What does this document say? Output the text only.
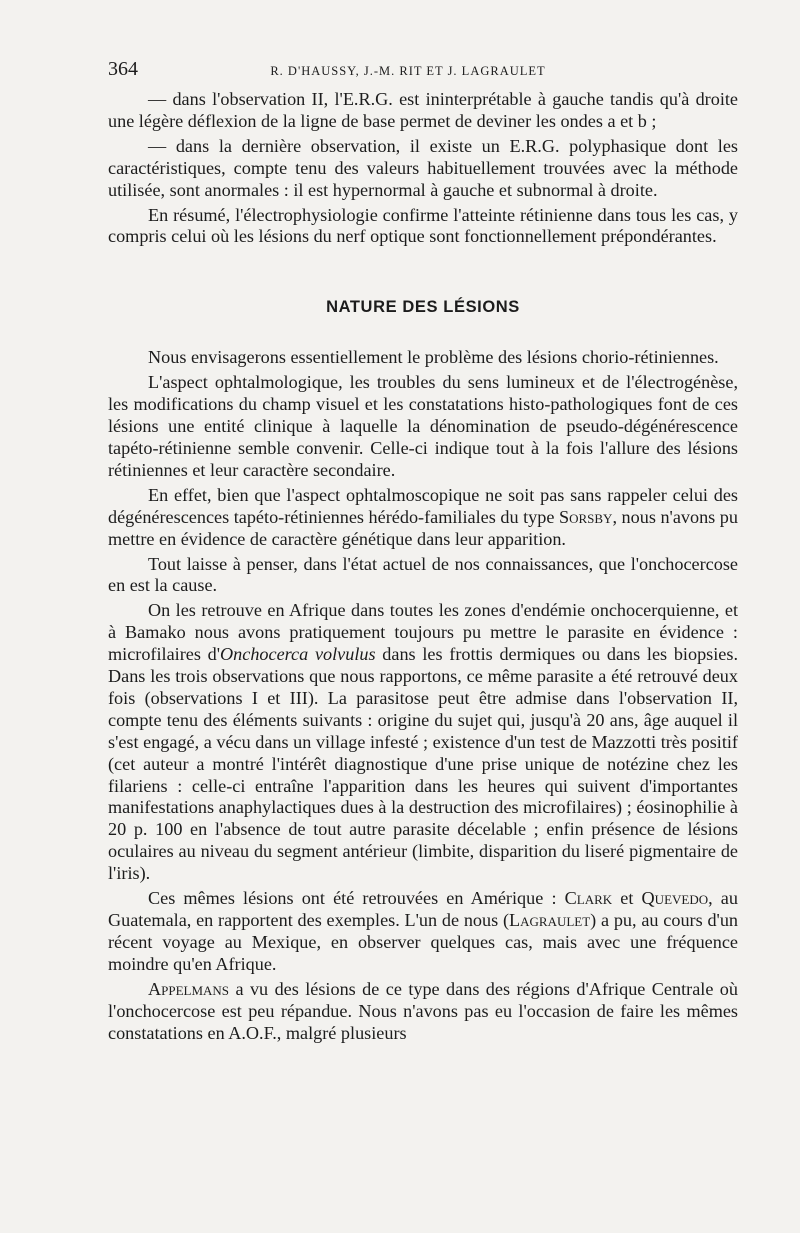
364	R. D'HAUSSY, J.-M. RIT ET J. LAGRAULET

— dans l'observation II, l'E.R.G. est ininterprétable à gauche tandis qu'à droite une légère déflexion de la ligne de base permet de deviner les ondes a et b ;

— dans la dernière observation, il existe un E.R.G. polyphasique dont les caractéristiques, compte tenu des valeurs habituellement trouvées avec la méthode utilisée, sont anormales : il est hypernormal à gauche et subnormal à droite.

En résumé, l'électrophysiologie confirme l'atteinte rétinienne dans tous les cas, y compris celui où les lésions du nerf optique sont fonctionnellement prépondérantes.

NATURE DES LÉSIONS

Nous envisagerons essentiellement le problème des lésions chorio-rétiniennes.

L'aspect ophtalmologique, les troubles du sens lumineux et de l'électrogénèse, les modifications du champ visuel et les constatations histo-pathologiques font de ces lésions une entité clinique à laquelle la dénomination de pseudo-dégénérescence tapéto-rétinienne semble convenir. Celle-ci indique tout à la fois l'allure des lésions rétiniennes et leur caractère secondaire.

En effet, bien que l'aspect ophtalmoscopique ne soit pas sans rappeler celui des dégénérescences tapéto-rétiniennes hérédo-familiales du type Sorsby, nous n'avons pu mettre en évidence de caractère génétique dans leur apparition.

Tout laisse à penser, dans l'état actuel de nos connaissances, que l'onchocercose en est la cause.

On les retrouve en Afrique dans toutes les zones d'endémie onchocerquienne, et à Bamako nous avons pratiquement toujours pu mettre le parasite en évidence : microfilaires d'Onchocerca volvulus dans les frottis dermiques ou dans les biopsies. Dans les trois observations que nous rapportons, ce même parasite a été retrouvé deux fois (observations I et III). La parasitose peut être admise dans l'observation II, compte tenu des éléments suivants : origine du sujet qui, jusqu'à 20 ans, âge auquel il s'est engagé, a vécu dans un village infesté ; existence d'un test de Mazzotti très positif (cet auteur a montré l'intérêt diagnostique d'une prise unique de notézine chez les filariens : celle-ci entraîne l'apparition dans les heures qui suivent d'importantes manifestations anaphylactiques dues à la destruction des microfilaires) ; éosinophilie à 20 p. 100 en l'absence de tout autre parasite décelable ; enfin présence de lésions oculaires au niveau du segment antérieur (limbite, disparition du liseré pigmentaire de l'iris).

Ces mêmes lésions ont été retrouvées en Amérique : Clark et Quevedo, au Guatemala, en rapportent des exemples. L'un de nous (Lagraulet) a pu, au cours d'un récent voyage au Mexique, en observer quelques cas, mais avec une fréquence moindre qu'en Afrique.

Appelmans a vu des lésions de ce type dans des régions d'Afrique Centrale où l'onchocercose est peu répandue. Nous n'avons pas eu l'occasion de faire les mêmes constatations en A.O.F., malgré plusieurs
